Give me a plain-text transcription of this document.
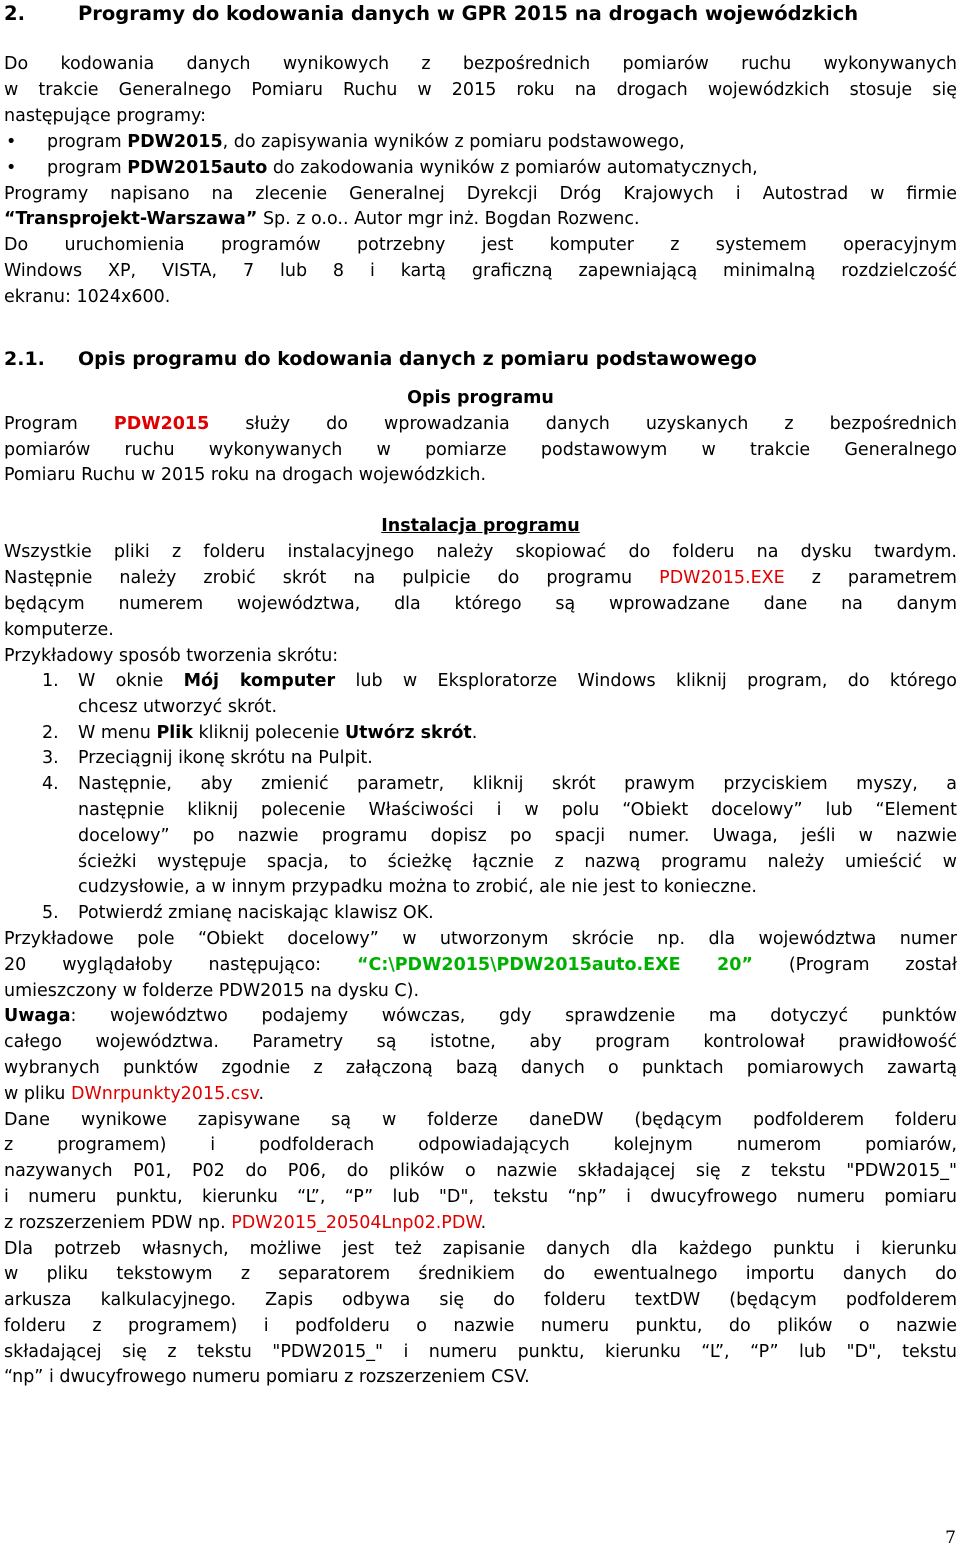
2.	Programy do kodowania danych w GPR 2015 na drogach wojewódzkich
Do kodowania danych wynikowych z bezpośrednich pomiarów ruchu wykonywanych
w trakcie Generalnego Pomiaru Ruchu w 2015 roku na drogach wojewódzkich stosuje się
następujące programy:
• program PDW2015, do zapisywania wyników z pomiaru podstawowego,
• program PDW2015auto do zakodowania wyników z pomiarów automatycznych,
Programy napisano na zlecenie Generalnej Dyrekcji Dróg Krajowych i Autostrad w firmie
“Transprojekt-Warszawa” Sp. z o.o.. Autor mgr inż. Bogdan Rozwenc.
Do uruchomienia programów potrzebny jest komputer z systemem operacyjnym
Windows XP, VISTA, 7 lub 8 i kartą graficzną zapewniającą minimalną rozdzielczość
ekranu: 1024x600.
2.1. Opis programu do kodowania danych z pomiaru podstawowego
Opis programu
Program PDW2015 służy do wprowadzania danych uzyskanych z bezpośrednich
pomiarów ruchu wykonywanych w pomiarze podstawowym w trakcie Generalnego
Pomiaru Ruchu w 2015 roku na drogach wojewódzkich.
Instalacja programu
Wszystkie pliki z folderu instalacyjnego należy skopiować do folderu na dysku twardym.
Następnie należy zrobić skrót na pulpicie do programu PDW2015.EXE z parametrem
będącym numerem województwa, dla którego są wprowadzane dane na danym
komputerze.
Przykładowy sposób tworzenia skrótu:
1. W oknie Mój komputer lub w Eksploratorze Windows kliknij program, do którego
chcesz utworzyć skrót.
2. W menu Plik kliknij polecenie Utwórz skrót.
3. Przeciągnij ikonę skrótu na Pulpit.
4. Następnie, aby zmienić parametr, kliknij skrót prawym przyciskiem myszy, a
następnie kliknij polecenie Właściwości i w polu “Obiekt docelowy” lub “Element
docelowy” po nazwie programu dopisz po spacji numer. Uwaga, jeśli w nazwie
ścieżki występuje spacja, to ścieżkę łącznie z nazwą programu należy umieścić w
cudzysłowie, a w innym przypadku można to zrobić, ale nie jest to konieczne.
5. Potwierdź zmianę naciskając klawisz OK.
Przykładowe pole “Obiekt docelowy” w utworzonym skrócie np. dla województwa numer
20 wyglądałoby następująco: “C:\PDW2015\PDW2015auto.EXE 20” (Program został
umieszczony w folderze PDW2015 na dysku C).
Uwaga: województwo podajemy wówczas, gdy sprawdzenie ma dotyczyć punktów
całego województwa. Parametry są istotne, aby program kontrolował prawidłowość
wybranych punktów zgodnie z załączoną bazą danych o punktach pomiarowych zawartą
w pliku DWnrpunkty2015.csv.
Dane wynikowe zapisywane są w folderze daneDW (będącym podfolderem folderu
z programem) i podfolderach odpowiadających kolejnym numerom pomiarów,
nazywanych P01, P02 do P06, do plików o nazwie składającej się z tekstu "PDW2015_"
i numeru punktu, kierunku “L”, “P” lub "D", tekstu “np” i dwucyfrowego numeru pomiaru
z rozszerzeniem PDW np. PDW2015_20504Lnp02.PDW.
Dla potrzeb własnych, możliwe jest też zapisanie danych dla każdego punktu i kierunku
w pliku tekstowym z separatorem średnikiem do ewentualnego importu danych do
arkusza kalkulacyjnego. Zapis odbywa się do folderu textDW (będącym podfolderem
folderu z programem) i podfolderu o nazwie numeru punktu, do plików o nazwie
składającej się z tekstu "PDW2015_" i numeru punktu, kierunku “L”, “P” lub "D", tekstu
“np” i dwucyfrowego numeru pomiaru z rozszerzeniem CSV.
7
